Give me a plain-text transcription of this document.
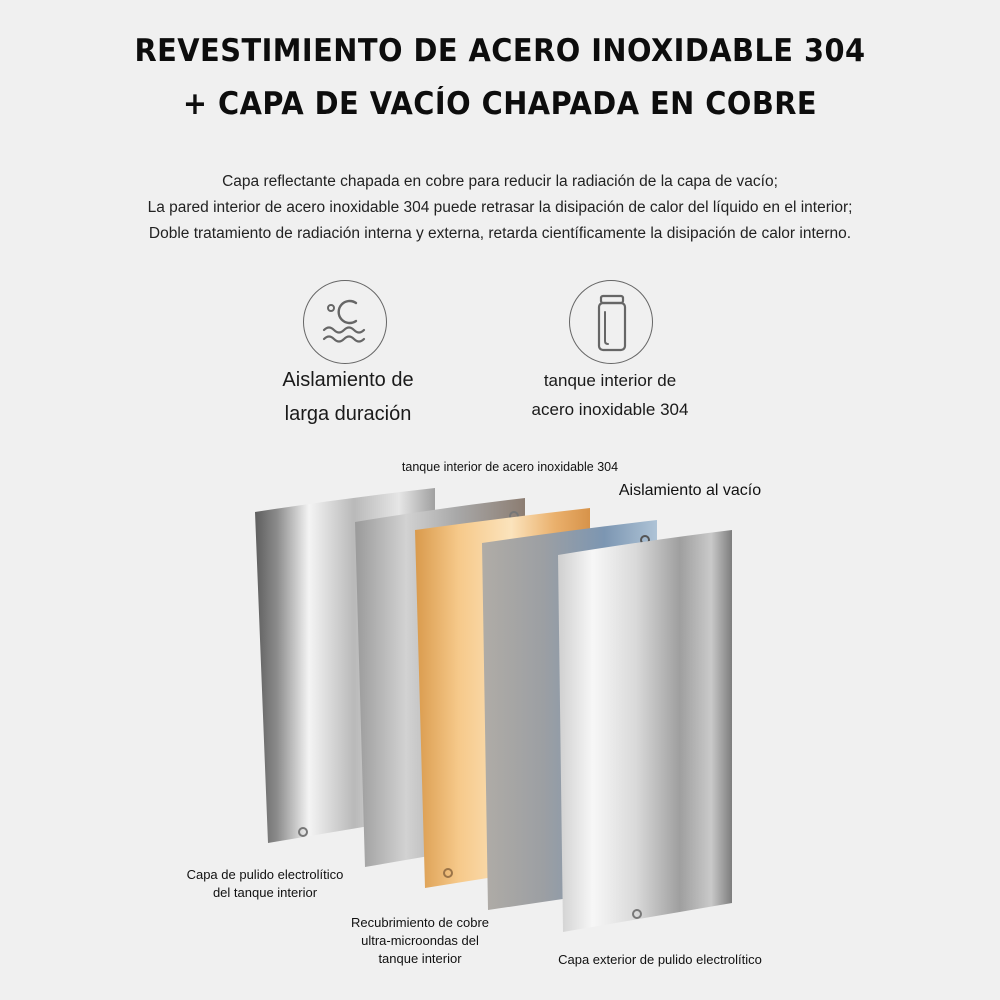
REVESTIMIENTO DE ACERO INOXIDABLE 304
+ CAPA DE VACÍO CHAPADA EN COBRE
Capa reflectante chapada en cobre para reducir la radiación de la capa de vacío;
La pared interior de acero inoxidable 304 puede retrasar la disipación de calor del líquido en el interior;
Doble tratamiento de radiación interna y externa, retarda científicamente la disipación de calor interno.
Aislamiento de
larga duración
tanque interior de
acero inoxidable 304
tanque interior de acero inoxidable 304
Aislamiento al vacío
Capa de pulido electrolítico
del tanque interior
Recubrimiento de cobre
ultra-microondas del
tanque interior	Capa exterior de pulido electrolítico
